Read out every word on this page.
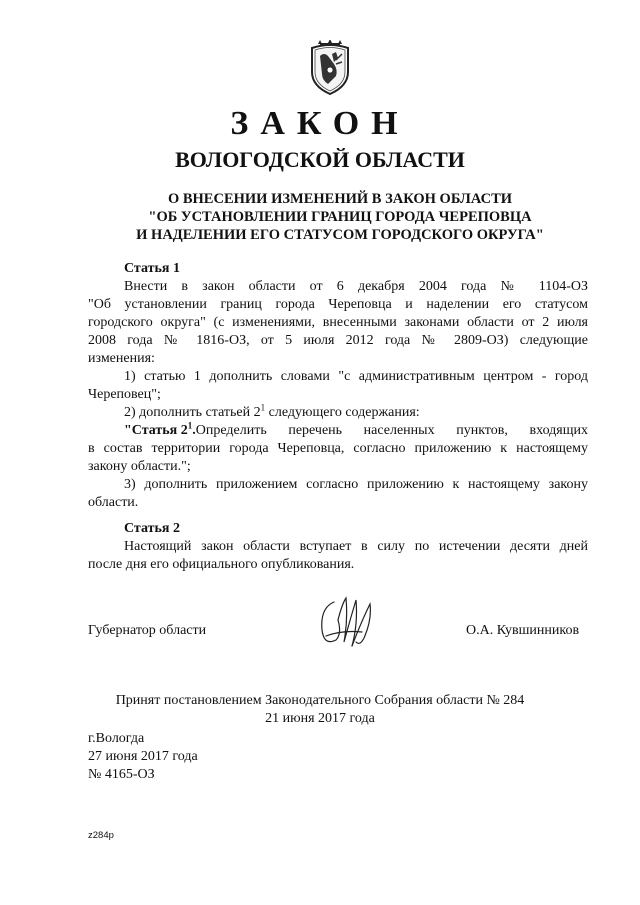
ЗАКОН
ВОЛОГОДСКОЙ ОБЛАСТИ
О ВНЕСЕНИИ ИЗМЕНЕНИЙ В ЗАКОН ОБЛАСТИ
"ОБ УСТАНОВЛЕНИИ ГРАНИЦ ГОРОДА ЧЕРЕПОВЦА
И НАДЕЛЕНИИ ЕГО СТАТУСОМ ГОРОДСКОГО ОКРУГА"
Статья 1
Внести в закон области от 6 декабря 2004 года № 1104-ОЗ
"Об установлении границ города Череповца и наделении его статусом
городского округа" (с изменениями, внесенными законами области от 2 июля
2008 года № 1816-ОЗ, от 5 июля 2012 года № 2809-ОЗ) следующие
изменения:
1) статью 1 дополнить словами "с административным центром - город
Череповец";
2) дополнить статьей $2^1$ следующего содержания:
"Статья $2^1$. Определить перечень населенных пунктов, входящих
в состав территории города Череповца, согласно приложению к настоящему
закону области.";
3) дополнить приложением согласно приложению к настоящему закону
области.
Статья 2
Настоящий закон области вступает в силу по истечении десяти дней
после дня его официального опубликования.
Губернатор области	О.А. Кувшинников
Принят постановлением Законодательного Собрания области № 284
21 июня 2017 года
г.Вологда
27 июня 2017 года
№ 4165-ОЗ
z284p
